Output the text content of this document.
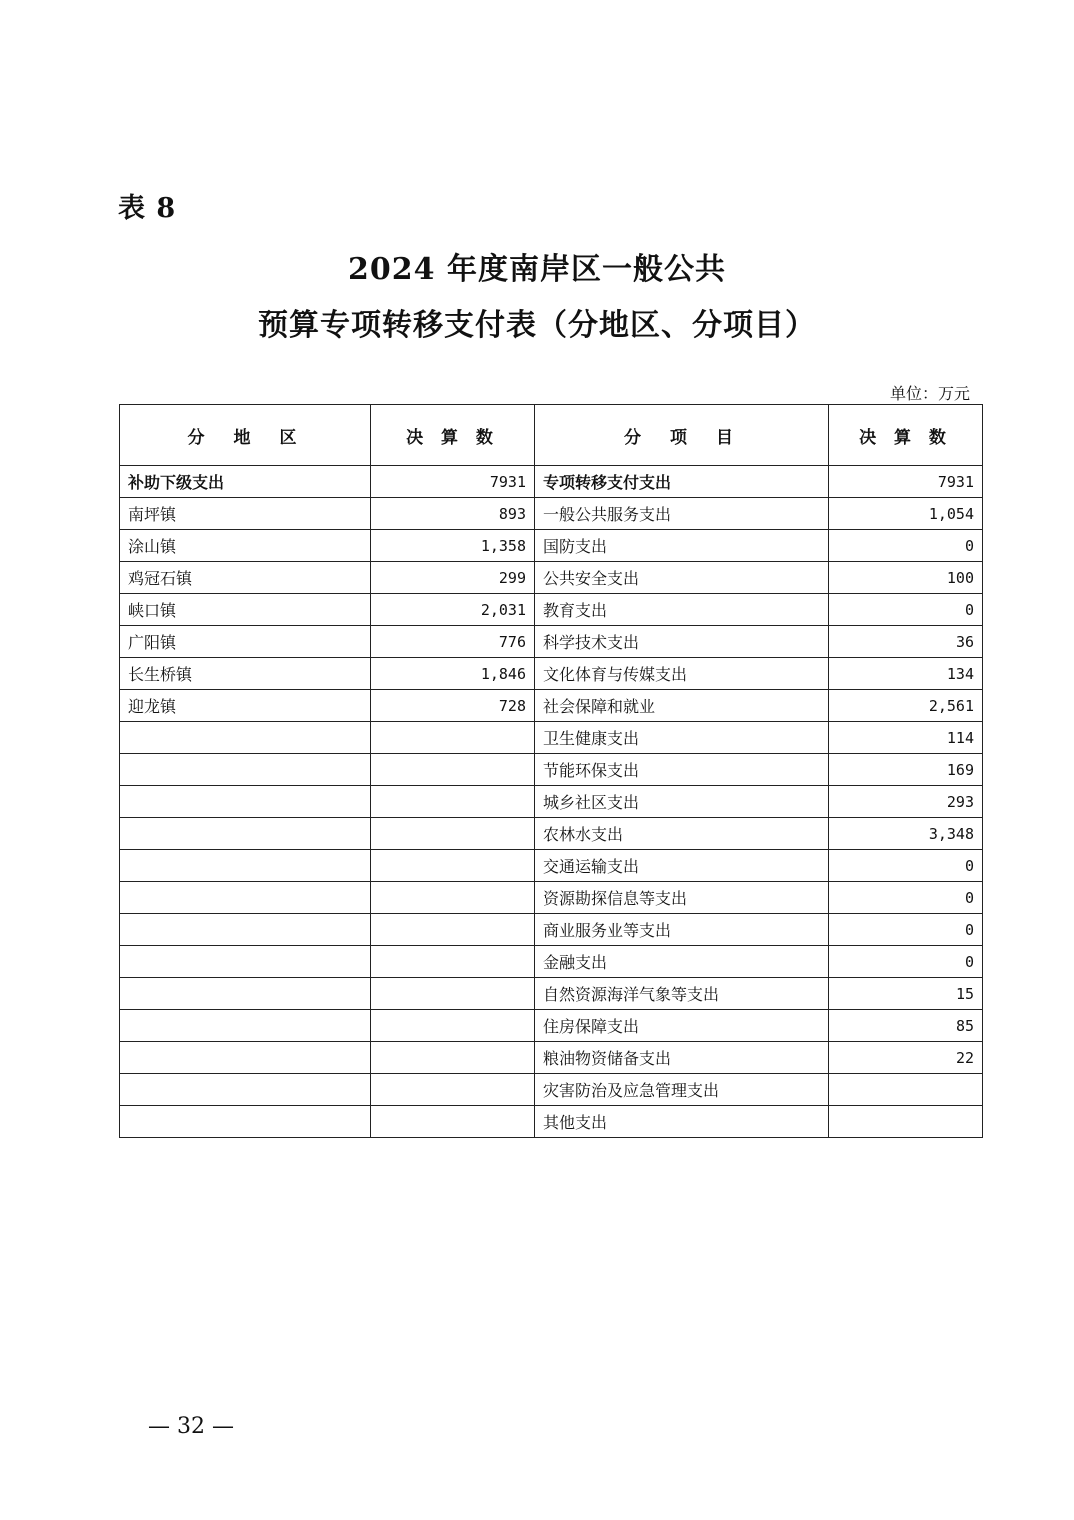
表 8
2024 年度南岸区一般公共
预算专项转移支付表（分地区、分项目）
单位：万元
分　地　区	决 算 数	分　项　目	决 算 数
补助下级支出	7931	专项转移支付支出	7931
南坪镇	893	一般公共服务支出	1,054
涂山镇	1,358	国防支出	0
鸡冠石镇	299	公共安全支出	100
峡口镇	2,031	教育支出	0
广阳镇	776	科学技术支出	36
长生桥镇	1,846	文化体育与传媒支出	134
迎龙镇	728	社会保障和就业	2,561
		卫生健康支出	114
		节能环保支出	169
		城乡社区支出	293
		农林水支出	3,348
		交通运输支出	0
		资源勘探信息等支出	0
		商业服务业等支出	0
		金融支出	0
		自然资源海洋气象等支出	15
		住房保障支出	85
		粮油物资储备支出	22
		灾害防治及应急管理支出	
		其他支出	
— 32 —
